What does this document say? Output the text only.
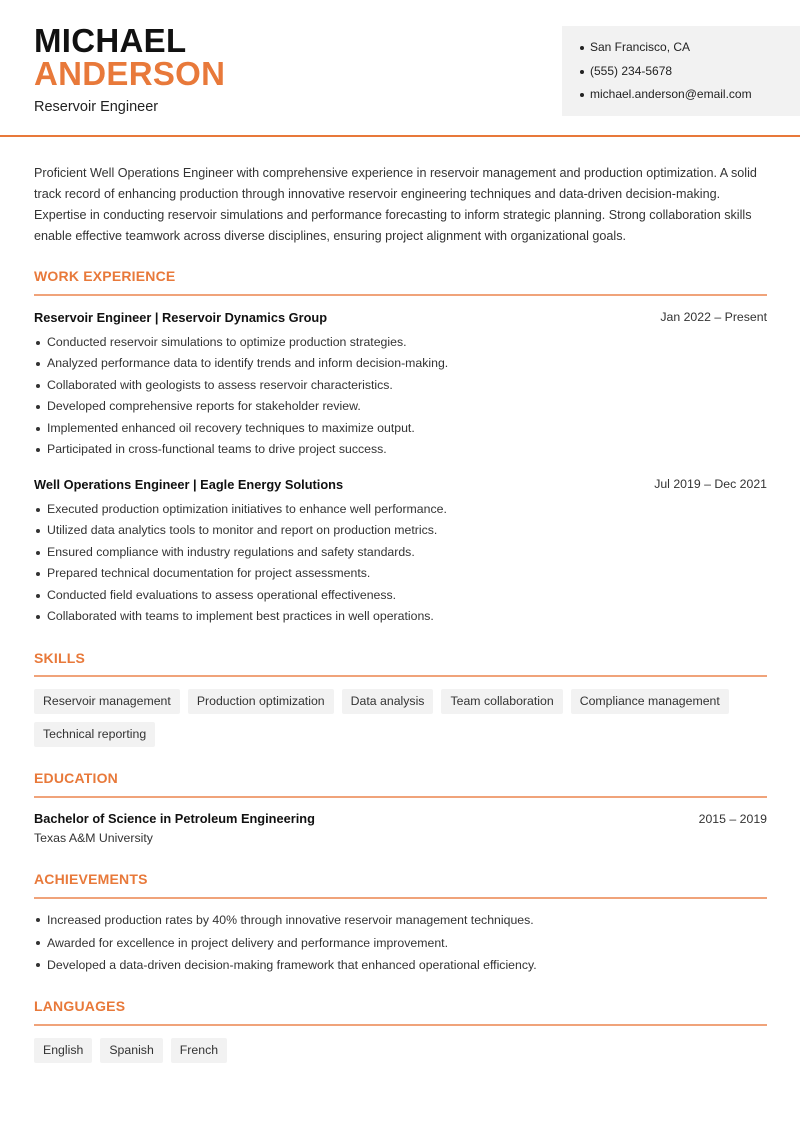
MICHAEL
ANDERSON
Reservoir Engineer
San Francisco, CA
(555) 234-5678
michael.anderson@email.com

Proficient Well Operations Engineer with comprehensive experience in reservoir management and production optimization. A solid track record of enhancing production through innovative reservoir engineering techniques and data-driven decision-making. Expertise in conducting reservoir simulations and performance forecasting to inform strategic planning. Strong collaboration skills enable effective teamwork across diverse disciplines, ensuring project alignment with organizational goals.

WORK EXPERIENCE
Reservoir Engineer | Reservoir Dynamics Group	Jan 2022 – Present
Conducted reservoir simulations to optimize production strategies.
Analyzed performance data to identify trends and inform decision-making.
Collaborated with geologists to assess reservoir characteristics.
Developed comprehensive reports for stakeholder review.
Implemented enhanced oil recovery techniques to maximize output.
Participated in cross-functional teams to drive project success.
Well Operations Engineer | Eagle Energy Solutions	Jul 2019 – Dec 2021
Executed production optimization initiatives to enhance well performance.
Utilized data analytics tools to monitor and report on production metrics.
Ensured compliance with industry regulations and safety standards.
Prepared technical documentation for project assessments.
Conducted field evaluations to assess operational effectiveness.
Collaborated with teams to implement best practices in well operations.
SKILLS
Reservoir management	Production optimization	Data analysis	Team collaboration	Compliance management
Technical reporting
EDUCATION
Bachelor of Science in Petroleum Engineering	2015 – 2019
Texas A&M University
ACHIEVEMENTS
Increased production rates by 40% through innovative reservoir management techniques.
Awarded for excellence in project delivery and performance improvement.
Developed a data-driven decision-making framework that enhanced operational efficiency.
LANGUAGES
English	Spanish	French
